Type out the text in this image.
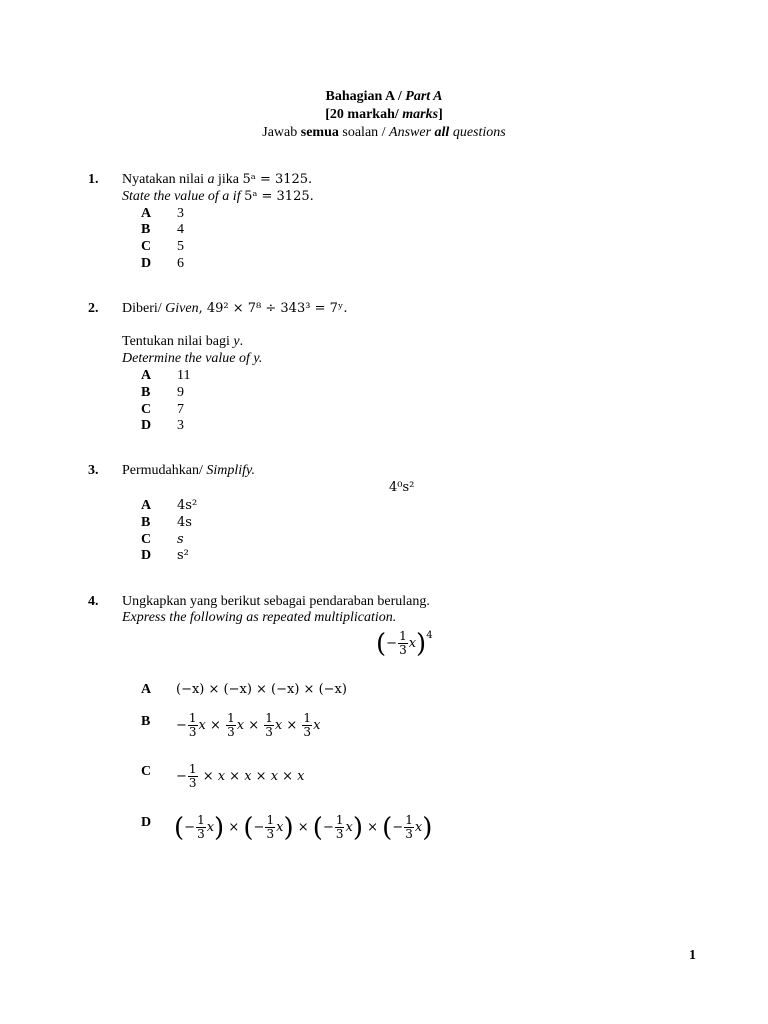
Bahagian A / Part A
[20 markah/ marks]
Jawab semua soalan / Answer all questions
1. Nyatakan nilai a jika 5ᵃ = 3125.
State the value of a if 5ᵃ = 3125.
A 3
B 4
C 5
D 6
2. Diberi/ Given, 49² × 7⁸ ÷ 343³ = 7ʸ.
Tentukan nilai bagi y.
Determine the value of y.
A 11
B 9
C 7
D 3
3. Permudahkan/ Simplify.
4⁰s²
A 4s²
B 4s
C s
D s²
4. Ungkapkan yang berikut sebagai pendaraban berulang.
Express the following as repeated multiplication.
( − $\frac{1}{3}$ x )$^4$
A (−x) × (−x) × (−x) × (−x)
$B - \frac{1}{3}$ x
×
$\frac{1}{3}$ x
×
$\frac{1}{3}$ x
×
$\frac{1}{3}$ x
$C - \frac{1}{3}$
× x × x × x × x
D ( − $\frac{1}{3}$ x )
×
( − $\frac{1}{3}$ x )
×
( − $\frac{1}{3}$ x )
×
( − $\frac{1}{3}$ x )
1
